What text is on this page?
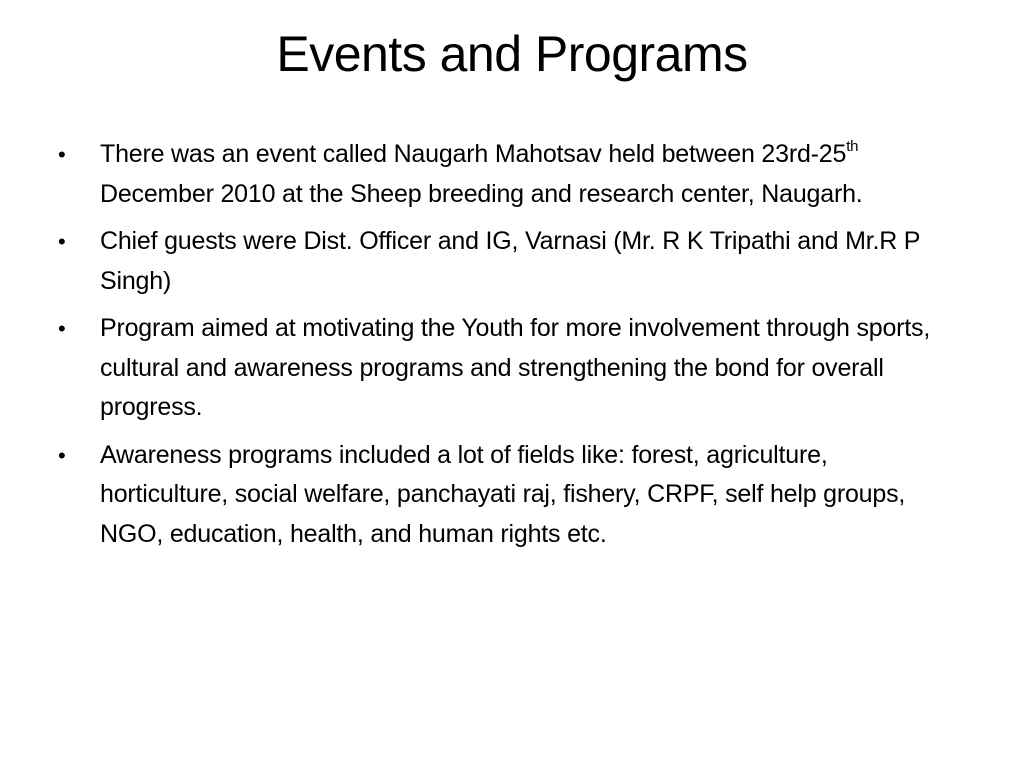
Events and Programs
• There was an event called Naugarh Mahotsav held between 23rd-25th December 2010 at the Sheep breeding and research center, Naugarh.
• Chief guests were Dist. Officer and IG, Varnasi (Mr. R K Tripathi and Mr.R P Singh)
• Program aimed at motivating the Youth for more involvement through sports, cultural and awareness programs and strengthening the bond for overall progress.
• Awareness programs included a lot of fields like: forest, agriculture, horticulture, social welfare, panchayati raj, fishery, CRPF, self help groups, NGO, education, health, and human rights etc.
